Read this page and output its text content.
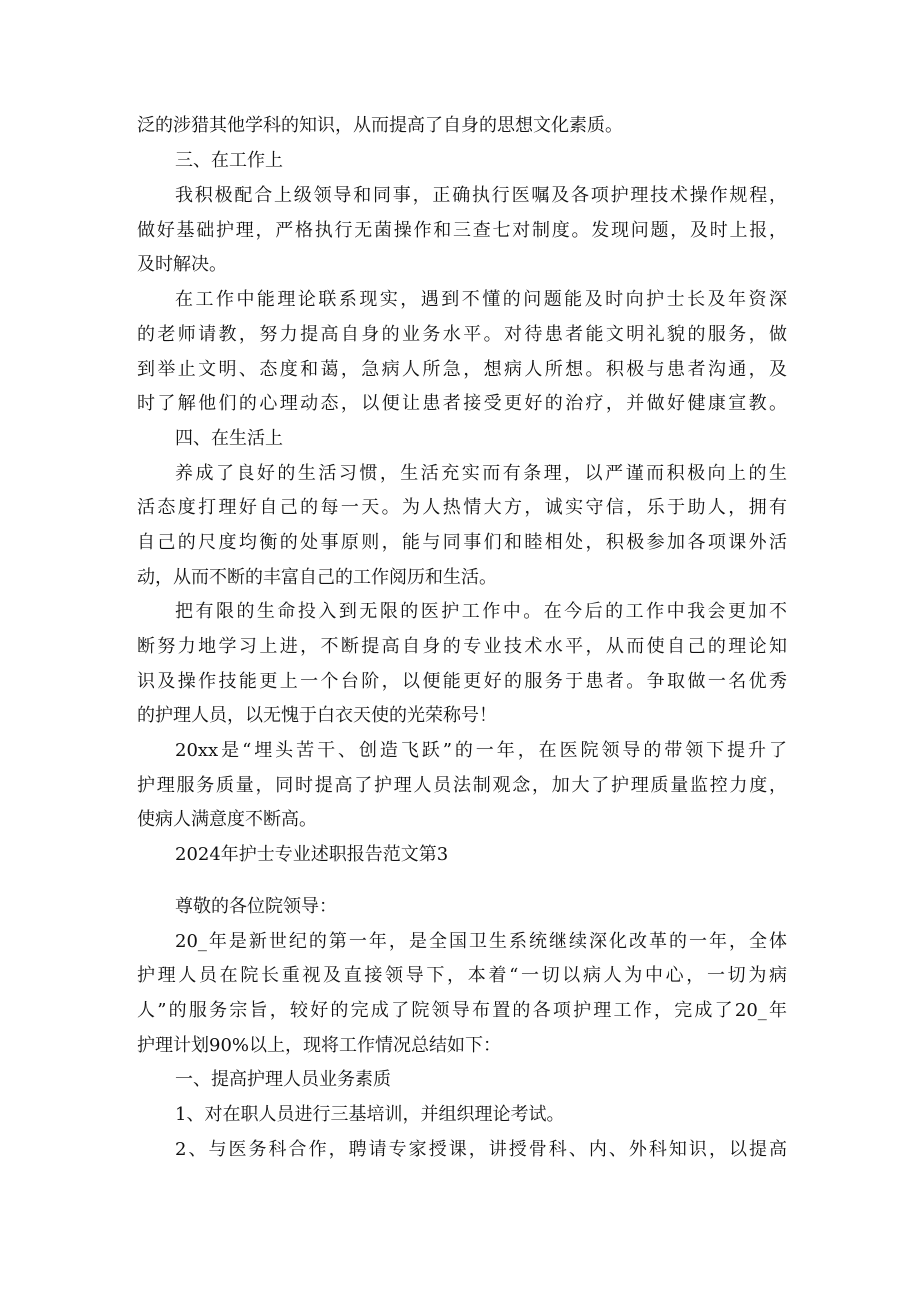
泛的涉猎其他学科的知识，从而提高了自身的思想文化素质。
三、在工作上
我积极配合上级领导和同事，正确执行医嘱及各项护理技术操作规程，
做好基础护理，严格执行无菌操作和三查七对制度。发现问题，及时上报，
及时解决。
在工作中能理论联系现实，遇到不懂的问题能及时向护士长及年资深
的老师请教，努力提高自身的业务水平。对待患者能文明礼貌的服务，做
到举止文明、态度和蔼，急病人所急，想病人所想。积极与患者沟通，及
时了解他们的心理动态，以便让患者接受更好的治疗，并做好健康宣教。
四、在生活上
养成了良好的生活习惯，生活充实而有条理，以严谨而积极向上的生
活态度打理好自己的每一天。为人热情大方，诚实守信，乐于助人，拥有
自己的尺度均衡的处事原则，能与同事们和睦相处，积极参加各项课外活
动，从而不断的丰富自己的工作阅历和生活。
把有限的生命投入到无限的医护工作中。在今后的工作中我会更加不
断努力地学习上进，不断提高自身的专业技术水平，从而使自己的理论知
识及操作技能更上一个台阶，以便能更好的服务于患者。争取做一名优秀
的护理人员，以无愧于白衣天使的光荣称号！
20xx是“埋头苦干、创造飞跃”的一年，在医院领导的带领下提升了
护理服务质量，同时提高了护理人员法制观念，加大了护理质量监控力度，
使病人满意度不断高。
2024年护士专业述职报告范文第3
尊敬的各位院领导：
20_年是新世纪的第一年，是全国卫生系统继续深化改革的一年，全体
护理人员在院长重视及直接领导下，本着“一切以病人为中心，一切为病
人”的服务宗旨，较好的完成了院领导布置的各项护理工作，完成了20_年
护理计划90%以上，现将工作情况总结如下：
一、提高护理人员业务素质
1、对在职人员进行三基培训，并组织理论考试。
2、与医务科合作，聘请专家授课，讲授骨科、内、外科知识，以提高
